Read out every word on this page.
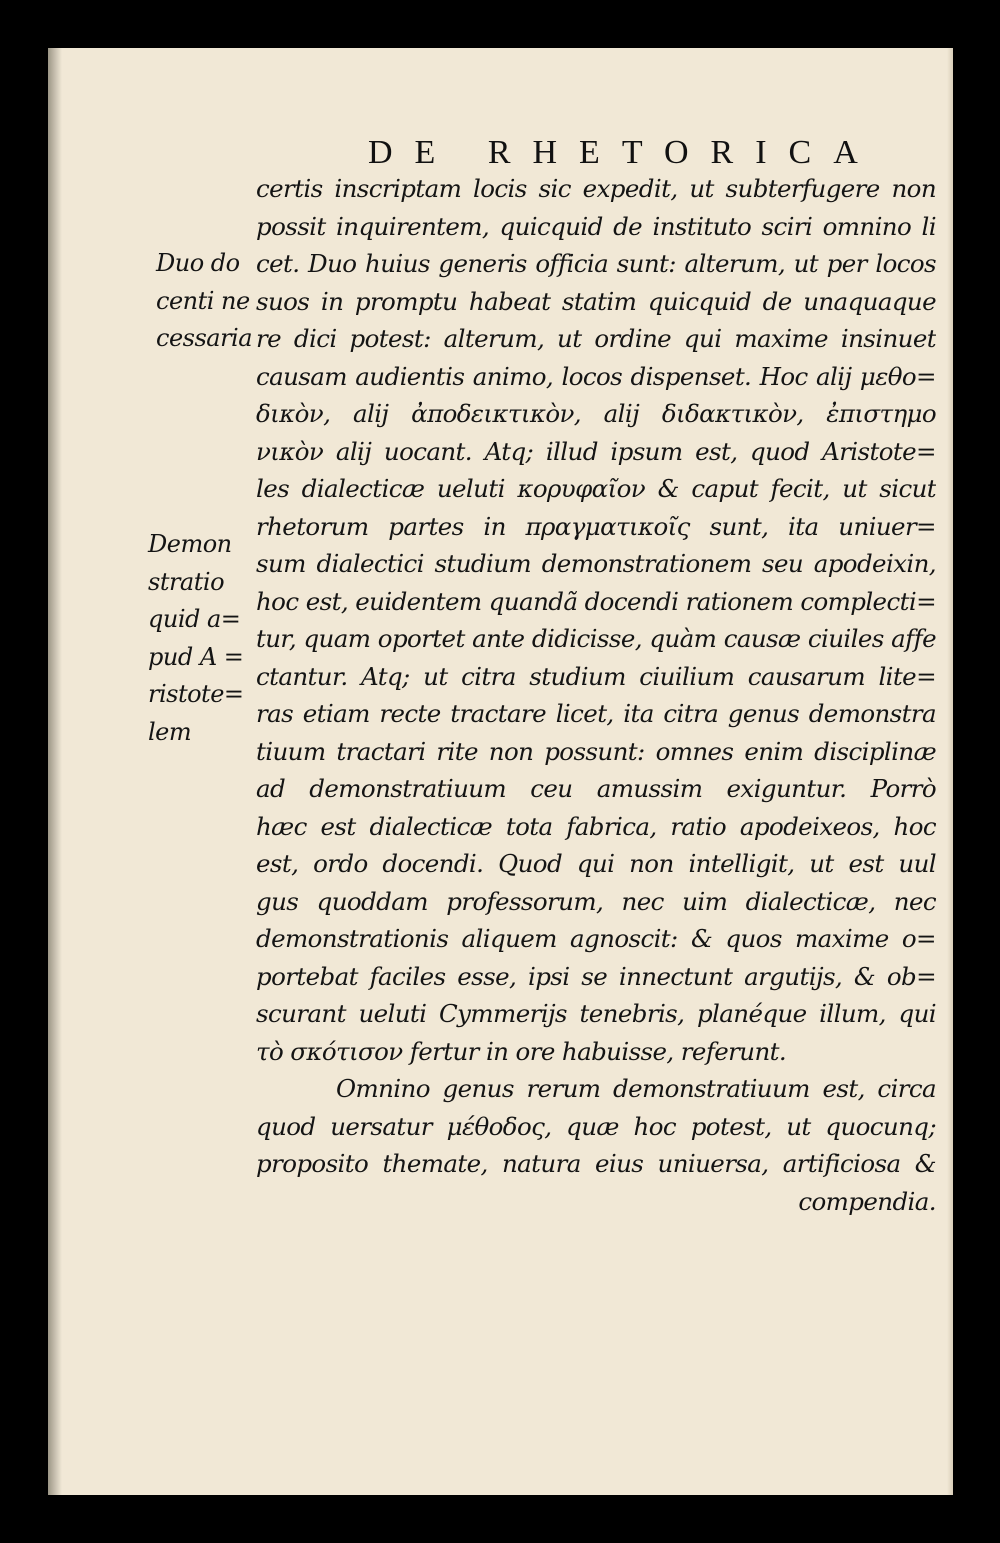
DE RHETORICA
Duo do
centi ne
cessaria
Demon
stratio
quid a=
pud A =
ristote=
lem
certis inscriptam locis sic expedit, ut subterfugere non
possit inquirentem, quicquid de instituto sciri omnino li
cet. Duo huius generis officia sunt: alterum, ut per locos
suos in promptu habeat statim quicquid de unaquaque
re dici potest: alterum, ut ordine qui maxime insinuet
causam audientis animo, locos dispenset. Hoc alij μεθο=
δικὸν, alij ἀποδεικτικὸν, alij διδακτικὸν, ἐπιστημο
νικὸν alij uocant. Atq; illud ipsum est, quod Aristote=
les dialecticæ ueluti κορυφαῖον & caput fecit, ut sicut
rhetorum partes in πραγματικοῖς sunt, ita uniuer=
sum dialectici studium demonstrationem seu apodeixin,
hoc est, euidentem quandã docendi rationem complecti=
tur, quam oportet ante didicisse, quàm causæ ciuiles affe
ctantur. Atq; ut citra studium ciuilium causarum lite=
ras etiam recte tractare licet, ita citra genus demonstra
tiuum tractari rite non possunt: omnes enim disciplinæ
ad demonstratiuum ceu amussim exiguntur. Porrò
hæc est dialecticæ tota fabrica, ratio apodeixeos, hoc
est, ordo docendi. Quod qui non intelligit, ut est uul
gus quoddam professorum, nec uim dialecticæ, nec
demonstrationis aliquem agnoscit: & quos maxime o=
portebat faciles esse, ipsi se innectunt argutijs, & ob=
scurant ueluti Cymmerijs tenebris, planéque illum, qui
τὸ σκότισον fertur in ore habuisse, referunt.
Omnino genus rerum demonstratiuum est, circa
quod uersatur μέθοδος, quæ hoc potest, ut quocunq;
proposito themate, natura eius uniuersa, artificiosa &
compendia.
